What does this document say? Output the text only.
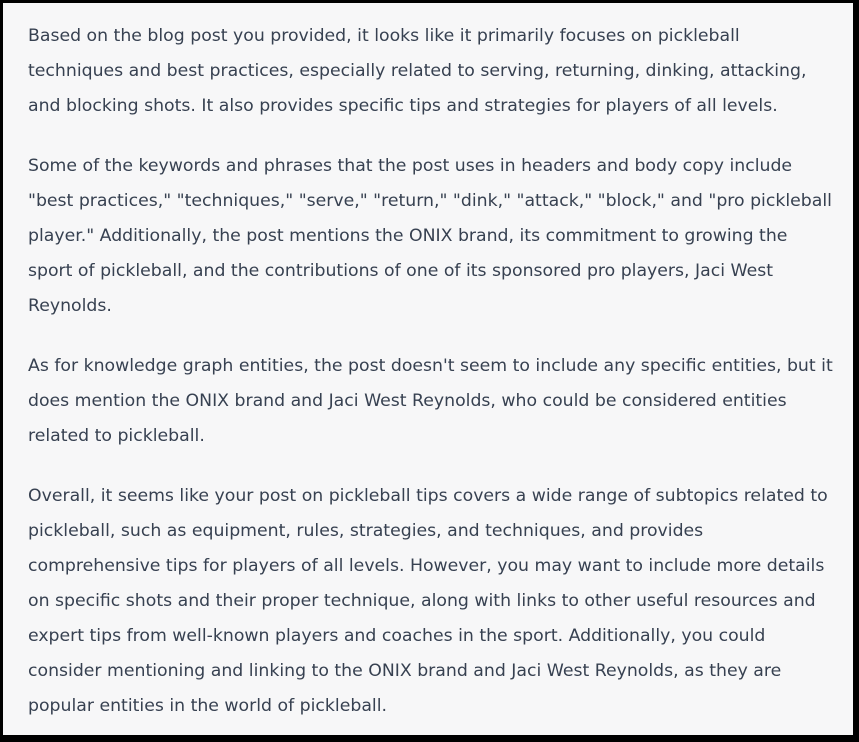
Based on the blog post you provided, it looks like it primarily focuses on pickleball techniques and best practices, especially related to serving, returning, dinking, attacking, and blocking shots. It also provides specific tips and strategies for players of all levels.

Some of the keywords and phrases that the post uses in headers and body copy include "best practices," "techniques," "serve," "return," "dink," "attack," "block," and "pro pickleball player." Additionally, the post mentions the ONIX brand, its commitment to growing the sport of pickleball, and the contributions of one of its sponsored pro players, Jaci West Reynolds.

As for knowledge graph entities, the post doesn't seem to include any specific entities, but it does mention the ONIX brand and Jaci West Reynolds, who could be considered entities related to pickleball.

Overall, it seems like your post on pickleball tips covers a wide range of subtopics related to pickleball, such as equipment, rules, strategies, and techniques, and provides comprehensive tips for players of all levels. However, you may want to include more details on specific shots and their proper technique, along with links to other useful resources and expert tips from well-known players and coaches in the sport. Additionally, you could consider mentioning and linking to the ONIX brand and Jaci West Reynolds, as they are popular entities in the world of pickleball.
